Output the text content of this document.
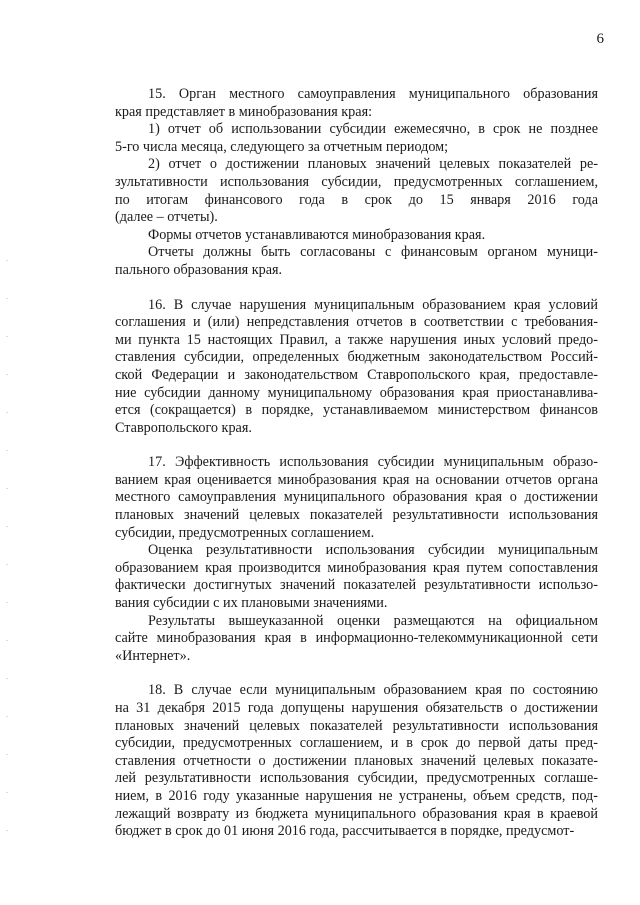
6
15. Орган местного самоуправления муниципального образования
края представляет в минобразования края:
1) отчет об использовании субсидии ежемесячно, в срок не позднее
5-го числа месяца, следующего за отчетным периодом;
2) отчет о достижении плановых значений целевых показателей ре-
зультативности использования субсидии, предусмотренных соглашением,
по итогам финансового года в срок до 15 января 2016 года
(далее – отчеты).
Формы отчетов устанавливаются минобразования края.
Отчеты должны быть согласованы с финансовым органом муници-
пального образования края.
16. В случае нарушения муниципальным образованием края условий
соглашения и (или) непредставления отчетов в соответствии с требования-
ми пункта 15 настоящих Правил, а также нарушения иных условий предо-
ставления субсидии, определенных бюджетным законодательством Россий-
ской Федерации и законодательством Ставропольского края, предоставле-
ние субсидии данному муниципальному образования края приостанавлива-
ется (сокращается) в порядке, устанавливаемом министерством финансов
Ставропольского края.
17. Эффективность использования субсидии муниципальным образо-
ванием края оценивается минобразования края на основании отчетов органа
местного самоуправления муниципального образования края о достижении
плановых значений целевых показателей результативности использования
субсидии, предусмотренных соглашением.
Оценка результативности использования субсидии муниципальным
образованием края производится минобразования края путем сопоставления
фактически достигнутых значений показателей результативности использо-
вания субсидии с их плановыми значениями.
Результаты вышеуказанной оценки размещаются на официальном
сайте минобразования края в информационно-телекоммуникационной сети
«Интернет».
18. В случае если муниципальным образованием края по состоянию
на 31 декабря 2015 года допущены нарушения обязательств о достижении
плановых значений целевых показателей результативности использования
субсидии, предусмотренных соглашением, и в срок до первой даты пред-
ставления отчетности о достижении плановых значений целевых показате-
лей результативности использования субсидии, предусмотренных соглаше-
нием, в 2016 году указанные нарушения не устранены, объем средств, под-
лежащий возврату из бюджета муниципального образования края в краевой
бюджет в срок до 01 июня 2016 года, рассчитывается в порядке, предусмот-
